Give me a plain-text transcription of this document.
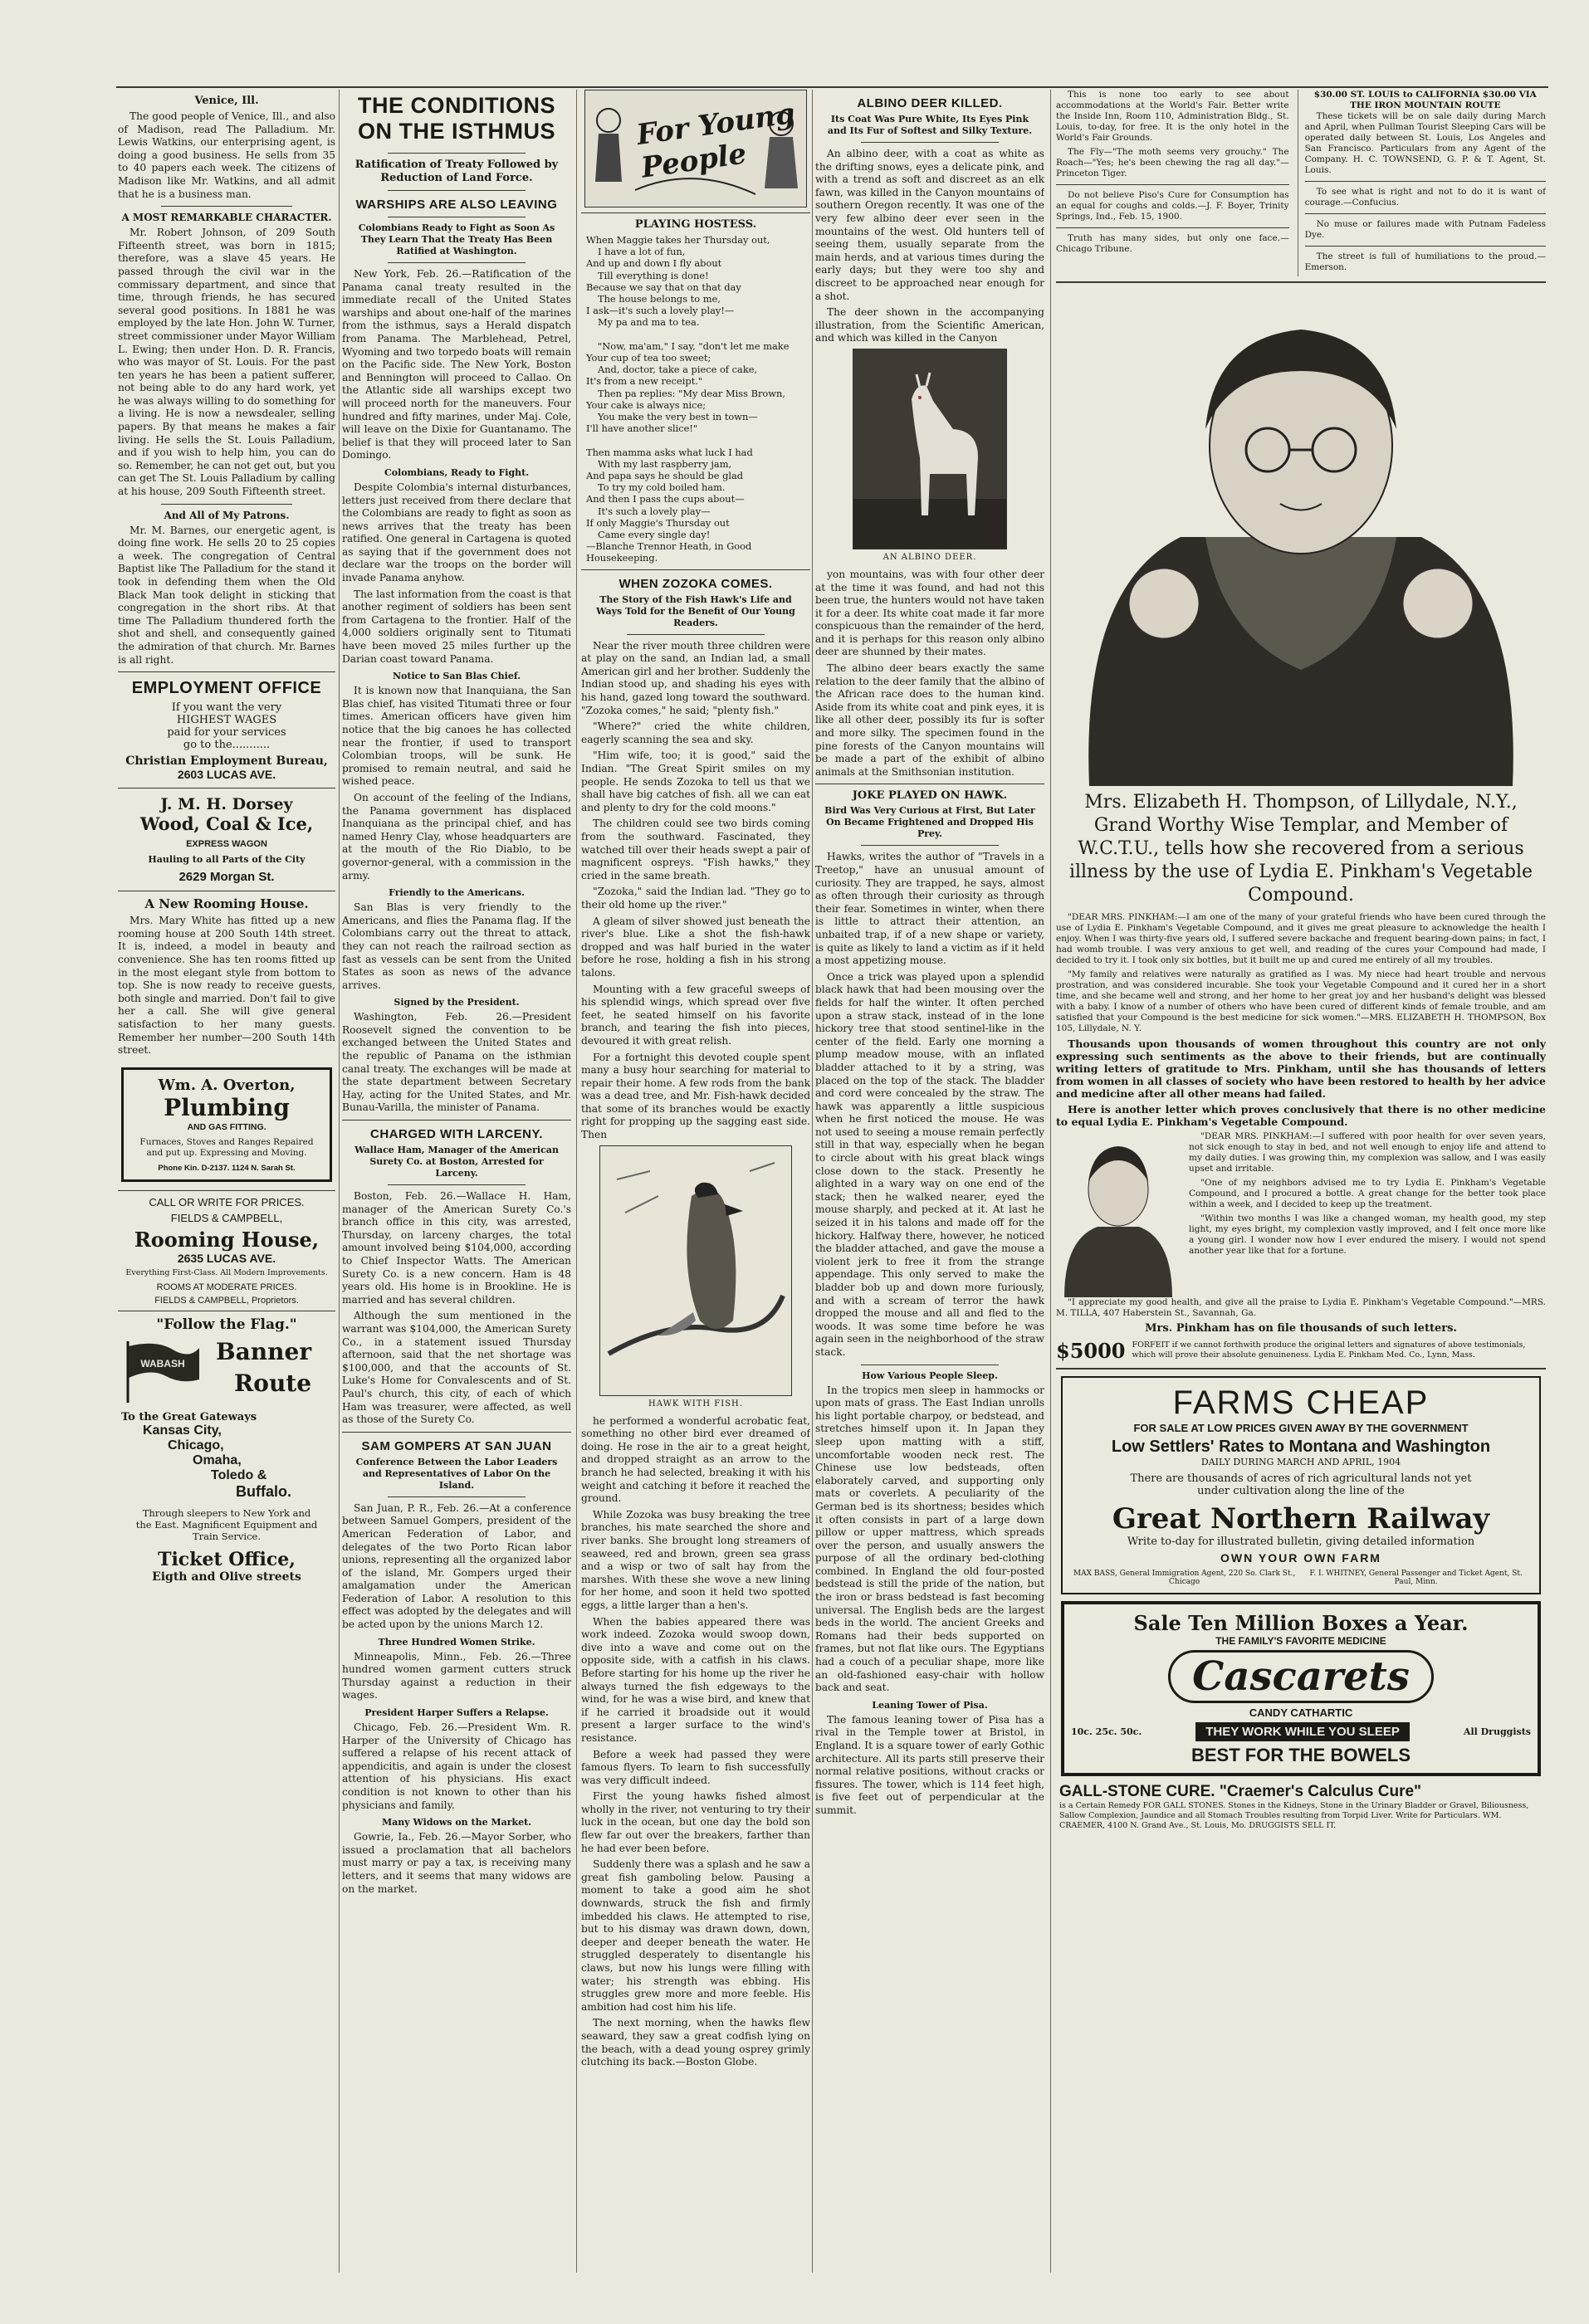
Venice, Ill.

The good people of Venice, Ill., and also of Madison, read The Palladium. Mr. Lewis Watkins, our enterprising agent, is doing a good business. He sells from 35 to 40 papers each week. The citizens of Madison like Mr. Watkins, and all admit that he is a business man.

A MOST REMARKABLE CHARACTER.

Mr. Robert Johnson, of 209 South Fifteenth street, was born in 1815; therefore, was a slave 45 years. He passed through the civil war in the commissary department, and since that time, through friends, he has secured several good positions. In 1881 he was employed by the late Hon. John W. Turner, street commissioner under Mayor William L. Ewing; then under Hon. D. R. Francis, who was mayor of St. Louis. For the past ten years he has been a patient sufferer, not being able to do any hard work, yet he was always willing to do something for a living. He is now a newsdealer, selling papers. By that means he makes a fair living. He sells the St. Louis Palladium, and if you wish to help him, you can do so. Remember, he can not get out, but you can get The St. Louis Palladium by calling at his house, 209 South Fifteenth street.

And All of My Patrons.

Mr. M. Barnes, our energetic agent, is doing fine work. He sells 20 to 25 copies a week. The congregation of Central Baptist like The Palladium for the stand it took in defending them when the Old Black Man took delight in sticking that congregation in the short ribs. At that time The Palladium thundered forth the shot and shell, and consequently gained the admiration of that church. Mr. Barnes is all right.

EMPLOYMENT OFFICE
If you want the very
HIGHEST WAGES
paid for your services
go to the...........
Christian Employment Bureau,
2603 LUCAS AVE.
J. M. H. Dorsey
Wood, Coal & Ice,
EXPRESS WAGON
Hauling to all Parts of the City
2629 Morgan St.
A New Rooming House.

Mrs. Mary White has fitted up a new rooming house at 200 South 14th street. It is, indeed, a model in beauty and convenience. She has ten rooms fitted up in the most elegant style from bottom to top. She is now ready to receive guests, both single and married. Don't fail to give her a call. She will give general satisfaction to her many guests. Remember her number—200 South 14th street.

Wm. A. Overton,
Plumbing
AND GAS FITTING.
Furnaces, Stoves and Ranges Repaired and put up. Expressing and Moving.
Phone Kin. D-2137. 1124 N. Sarah St.
CALL OR WRITE FOR PRICES.
FIELDS & CAMPBELL,
Rooming House,
2635 LUCAS AVE.
Everything First-Class. All Modern Improvements.
ROOMS AT MODERATE PRICES.
FIELDS & CAMPBELL, Proprietors.
"Follow the Flag."
WABASH Banner
Route
To the Great Gateways
Kansas City,
Chicago,
Omaha,
Toledo &
Buffalo.
Through sleepers to New York and the East. Magnificent Equipment and Train Service.
Ticket Office,
Eigth and Olive streets
THE CONDITIONS ON THE ISTHMUS
Ratification of Treaty Followed by Reduction of Land Force.
WARSHIPS ARE ALSO LEAVING
Colombians Ready to Fight as Soon As They Learn That the Treaty Has Been Ratified at Washington.

New York, Feb. 26.—Ratification of the Panama canal treaty resulted in the immediate recall of the United States warships and about one-half of the marines from the isthmus, says a Herald dispatch from Panama. The Marblehead, Petrel, Wyoming and two torpedo boats will remain on the Pacific side. The New York, Boston and Bennington will proceed to Callao. On the Atlantic side all warships except two will proceed north for the maneuvers. Four hundred and fifty marines, under Maj. Cole, will leave on the Dixie for Guantanamo. The belief is that they will proceed later to San Domingo.

Colombians, Ready to Fight.

Despite Colombia's internal disturbances, letters just received from there declare that the Colombians are ready to fight as soon as news arrives that the treaty has been ratified. One general in Cartagena is quoted as saying that if the government does not declare war the troops on the border will invade Panama anyhow.

The last information from the coast is that another regiment of soldiers has been sent from Cartagena to the frontier. Half of the 4,000 soldiers originally sent to Titumati have been moved 25 miles further up the Darian coast toward Panama.

Notice to San Blas Chief.

It is known now that Inanquiana, the San Blas chief, has visited Titumati three or four times. American officers have given him notice that the big canoes he has collected near the frontier, if used to transport Colombian troops, will be sunk. He promised to remain neutral, and said he wished peace.

On account of the feeling of the Indians, the Panama government has displaced Inanquiana as the principal chief, and has named Henry Clay, whose headquarters are at the mouth of the Rio Diablo, to be governor-general, with a commission in the army.

Friendly to the Americans.

San Blas is very friendly to the Americans, and flies the Panama flag. If the Colombians carry out the threat to attack, they can not reach the railroad section as fast as vessels can be sent from the United States as soon as news of the advance arrives.

Signed by the President.

Washington, Feb. 26.—President Roosevelt signed the convention to be exchanged between the United States and the republic of Panama on the isthmian canal treaty. The exchanges will be made at the state department between Secretary Hay, acting for the United States, and Mr. Bunau-Varilla, the minister of Panama.

CHARGED WITH LARCENY.
Wallace Ham, Manager of the American Surety Co. at Boston, Arrested for Larceny.

Boston, Feb. 26.—Wallace H. Ham, manager of the American Surety Co.'s branch office in this city, was arrested, Thursday, on larceny charges, the total amount involved being $104,000, according to Chief Inspector Watts. The American Surety Co. is a new concern. Ham is 48 years old. His home is in Brookline. He is married and has several children.

Although the sum mentioned in the warrant was $104,000, the American Surety Co., in a statement issued Thursday afternoon, said that the net shortage was $100,000, and that the accounts of St. Luke's Home for Convalescents and of St. Paul's church, this city, of each of which Ham was treasurer, were affected, as well as those of the Surety Co.

SAM GOMPERS AT SAN JUAN
Conference Between the Labor Leaders and Representatives of Labor On the Island.

San Juan, P. R., Feb. 26.—At a conference between Samuel Gompers, president of the American Federation of Labor, and delegates of the two Porto Rican labor unions, representing all the organized labor of the island, Mr. Gompers urged their amalgamation under the American Federation of Labor. A resolution to this effect was adopted by the delegates and will be acted upon by the unions March 12.

Three Hundred Women Strike.

Minneapolis, Minn., Feb. 26.—Three hundred women garment cutters struck Thursday against a reduction in their wages.

President Harper Suffers a Relapse.

Chicago, Feb. 26.—President Wm. R. Harper of the University of Chicago has suffered a relapse of his recent attack of appendicitis, and again is under the closest attention of his physicians. His exact condition is not known to other than his physicians and family.

Many Widows on the Market.

Gowrie, Ia., Feb. 26.—Mayor Sorber, who issued a proclamation that all bachelors must marry or pay a tax, is receiving many letters, and it seems that many widows are on the market.

For Young People
PLAYING HOSTESS.
When Maggie takes her Thursday out,
I have a lot of fun,
And up and down I fly about
Till everything is done!
Because we say that on that day
The house belongs to me,
I ask—it's such a lovely play!—
My pa and ma to tea.

"Now, ma'am," I say, "don't let me make
Your cup of tea too sweet;
And, doctor, take a piece of cake,
It's from a new receipt."
Then pa replies: "My dear Miss Brown,
Your cake is always nice;
You make the very best in town—
I'll have another slice!"

Then mamma asks what luck I had
With my last raspberry jam,
And papa says he should be glad
To try my cold boiled ham.
And then I pass the cups about—
It's such a lovely play—
If only Maggie's Thursday out
Came every single day!
—Blanche Trennor Heath, in Good Housekeeping.
WHEN ZOZOKA COMES.
The Story of the Fish Hawk's Life and Ways Told for the Benefit of Our Young Readers.

Near the river mouth three children were at play on the sand, an Indian lad, a small American girl and her brother. Suddenly the Indian stood up, and shading his eyes with his hand, gazed long toward the southward. "Zozoka comes," he said; "plenty fish."

"Where?" cried the white children, eagerly scanning the sea and sky.

"Him wife, too; it is good," said the Indian. "The Great Spirit smiles on my people. He sends Zozoka to tell us that we shall have big catches of fish. all we can eat and plenty to dry for the cold moons."

The children could see two birds coming from the southward. Fascinated, they watched till over their heads swept a pair of magnificent ospreys. "Fish hawks," they cried in the same breath.

"Zozoka," said the Indian lad. "They go to their old home up the river."

A gleam of silver showed just beneath the river's blue. Like a shot the fish-hawk dropped and was half buried in the water before he rose, holding a fish in his strong talons.

Mounting with a few graceful sweeps of his splendid wings, which spread over five feet, he seated himself on his favorite branch, and tearing the fish into pieces, devoured it with great relish.

For a fortnight this devoted couple spent many a busy hour searching for material to repair their home. A few rods from the bank was a dead tree, and Mr. Fish-hawk decided that some of its branches would be exactly right for propping up the sagging east side. Then

HAWK WITH FISH.

he performed a wonderful acrobatic feat, something no other bird ever dreamed of doing. He rose in the air to a great height, and dropped straight as an arrow to the branch he had selected, breaking it with his weight and catching it before it reached the ground.

While Zozoka was busy breaking the tree branches, his mate searched the shore and river banks. She brought long streamers of seaweed, red and brown, green sea grass and a wisp or two of salt hay from the marshes. With these she wove a new lining for her home, and soon it held two spotted eggs, a little larger than a hen's.

When the babies appeared there was work indeed. Zozoka would swoop down, dive into a wave and come out on the opposite side, with a catfish in his claws. Before starting for his home up the river he always turned the fish edgeways to the wind, for he was a wise bird, and knew that if he carried it broadside out it would present a larger surface to the wind's resistance.

Before a week had passed they were famous flyers. To learn to fish successfully was very difficult indeed.

First the young hawks fished almost wholly in the river, not venturing to try their luck in the ocean, but one day the bold son flew far out over the breakers, farther than he had ever been before.

Suddenly there was a splash and he saw a great fish gamboling below. Pausing a moment to take a good aim he shot downwards, struck the fish and firmly imbedded his claws. He attempted to rise, but to his dismay was drawn down, down, deeper and deeper beneath the water. He struggled desperately to disentangle his claws, but now his lungs were filling with water; his strength was ebbing. His struggles grew more and more feeble. His ambition had cost him his life.

The next morning, when the hawks flew seaward, they saw a great codfish lying on the beach, with a dead young osprey grimly clutching its back.—Boston Globe.

ALBINO DEER KILLED.
Its Coat Was Pure White, Its Eyes Pink and Its Fur of Softest and Silky Texture.

An albino deer, with a coat as white as the drifting snows, eyes a delicate pink, and with a trend as soft and discreet as an elk fawn, was killed in the Canyon mountains of southern Oregon recently. It was one of the very few albino deer ever seen in the mountains of the west. Old hunters tell of seeing them, usually separate from the main herds, and at various times during the early days; but they were too shy and discreet to be approached near enough for a shot.

The deer shown in the accompanying illustration, from the Scientific American, and which was killed in the Canyon

AN ALBINO DEER.

yon mountains, was with four other deer at the time it was found, and had not this been true, the hunters would not have taken it for a deer. Its white coat made it far more conspicuous than the remainder of the herd, and it is perhaps for this reason only albino deer are shunned by their mates.

The albino deer bears exactly the same relation to the deer family that the albino of the African race does to the human kind. Aside from its white coat and pink eyes, it is like all other deer, possibly its fur is softer and more silky. The specimen found in the pine forests of the Canyon mountains will be made a part of the exhibit of albino animals at the Smithsonian institution.

JOKE PLAYED ON HAWK.
Bird Was Very Curious at First, But Later On Became Frightened and Dropped His Prey.

Hawks, writes the author of "Travels in a Treetop," have an unusual amount of curiosity. They are trapped, he says, almost as often through their curiosity as through their fear. Sometimes in winter, when there is little to attract their attention, an unbaited trap, if of a new shape or variety, is quite as likely to land a victim as if it held a most appetizing mouse.

Once a trick was played upon a splendid black hawk that had been mousing over the fields for half the winter. It often perched upon a straw stack, instead of in the lone hickory tree that stood sentinel-like in the center of the field. Early one morning a plump meadow mouse, with an inflated bladder attached to it by a string, was placed on the top of the stack. The bladder and cord were concealed by the straw. The hawk was apparently a little suspicious when he first noticed the mouse. He was not used to seeing a mouse remain perfectly still in that way, especially when he began to circle about with his great black wings close down to the stack. Presently he alighted in a wary way on one end of the stack; then he walked nearer, eyed the mouse sharply, and pecked at it. At last he seized it in his talons and made off for the hickory. Halfway there, however, he noticed the bladder attached, and gave the mouse a violent jerk to free it from the strange appendage. This only served to make the bladder bob up and down more furiously, and with a scream of terror the hawk dropped the mouse and all and fled to the woods. It was some time before he was again seen in the neighborhood of the straw stack.

How Various People Sleep.

In the tropics men sleep in hammocks or upon mats of grass. The East Indian unrolls his light portable charpoy, or bedstead, and stretches himself upon it. In Japan they sleep upon matting with a stiff, uncomfortable wooden neck rest. The Chinese use low bedsteads, often elaborately carved, and supporting only mats or coverlets. A peculiarity of the German bed is its shortness; besides which it often consists in part of a large down pillow or upper mattress, which spreads over the person, and usually answers the purpose of all the ordinary bed-clothing combined. In England the old four-posted bedstead is still the pride of the nation, but the iron or brass bedstead is fast becoming universal. The English beds are the largest beds in the world. The ancient Greeks and Romans had their beds supported on frames, but not flat like ours. The Egyptians had a couch of a peculiar shape, more like an old-fashioned easy-chair with hollow back and seat.

Leaning Tower of Pisa.

The famous leaning tower of Pisa has a rival in the Temple tower at Bristol, in England. It is a square tower of early Gothic architecture. All its parts still preserve their normal relative positions, without cracks or fissures. The tower, which is 114 feet high, is five feet out of perpendicular at the summit.

This is none too early to see about accommodations at the World's Fair. Better write the Inside Inn, Room 110, Administration Bldg., St. Louis, to-day, for free. It is the only hotel in the World's Fair Grounds.

The Fly—"The moth seems very grouchy." The Roach—"Yes; he's been chewing the rag all day."—Princeton Tiger.

Do not believe Piso's Cure for Consumption has an equal for coughs and colds.—J. F. Boyer, Trinity Springs, Ind., Feb. 15, 1900.

Truth has many sides, but only one face.—Chicago Tribune.

$30.00 ST. LOUIS to CALIFORNIA $30.00 VIA THE IRON MOUNTAIN ROUTE

These tickets will be on sale daily during March and April, when Pullman Tourist Sleeping Cars will be operated daily between St. Louis, Los Angeles and San Francisco. Particulars from any Agent of the Company. H. C. TOWNSEND, G. P. & T. Agent, St. Louis.

To see what is right and not to do it is want of courage.—Confucius.

No muse or failures made with Putnam Fadeless Dye.

The street is full of humiliations to the proud.—Emerson.

Mrs. Elizabeth H. Thompson, of Lillydale, N.Y., Grand Worthy Wise Templar, and Member of W.C.T.U., tells how she recovered from a serious illness by the use of Lydia E. Pinkham's Vegetable Compound.

"DEAR MRS. PINKHAM:—I am one of the many of your grateful friends who have been cured through the use of Lydia E. Pinkham's Vegetable Compound, and it gives me great pleasure to acknowledge the health I enjoy. When I was thirty-five years old, I suffered severe backache and frequent bearing-down pains; in fact, I had womb trouble. I was very anxious to get well, and reading of the cures your Compound had made, I decided to try it. I took only six bottles, but it built me up and cured me entirely of all my troubles.

"My family and relatives were naturally as gratified as I was. My niece had heart trouble and nervous prostration, and was considered incurable. She took your Vegetable Compound and it cured her in a short time, and she became well and strong, and her home to her great joy and her husband's delight was blessed with a baby. I know of a number of others who have been cured of different kinds of female trouble, and am satisfied that your Compound is the best medicine for sick women."—MRS. ELIZABETH H. THOMPSON, Box 105, Lillydale, N. Y.

Thousands upon thousands of women throughout this country are not only expressing such sentiments as the above to their friends, but are continually writing letters of gratitude to Mrs. Pinkham, until she has thousands of letters from women in all classes of society who have been restored to health by her advice and medicine after all other means had failed.

Here is another letter which proves conclusively that there is no other medicine to equal Lydia E. Pinkham's Vegetable Compound.

"DEAR MRS. PINKHAM:—I suffered with poor health for over seven years, not sick enough to stay in bed, and not well enough to enjoy life and attend to my daily duties. I was growing thin, my complexion was sallow, and I was easily upset and irritable.

"One of my neighbors advised me to try Lydia E. Pinkham's Vegetable Compound, and I procured a bottle. A great change for the better took place within a week, and I decided to keep up the treatment.

"Within two months I was like a changed woman, my health good, my step light, my eyes bright, my complexion vastly improved, and I felt once more like a young girl. I wonder now how I ever endured the misery. I would not spend another year like that for a fortune.

"I appreciate my good health, and give all the praise to Lydia E. Pinkham's Vegetable Compound."—MRS. M. TILLA, 407 Haberstein St., Savannah, Ga.

Mrs. Pinkham has on file thousands of such letters.

$5000 FORFEIT if we cannot forthwith produce the original letters and signatures of above testimonials, which will prove their absolute genuineness. Lydia E. Pinkham Med. Co., Lynn, Mass.
FARMS CHEAP
FOR SALE AT LOW PRICES GIVEN AWAY BY THE GOVERNMENT
Low Settlers' Rates to Montana and Washington
DAILY DURING MARCH AND APRIL, 1904
There are thousands of acres of rich agricultural lands not yet under cultivation along the line of the
Great Northern Railway
Write to-day for illustrated bulletin, giving detailed information
OWN YOUR OWN FARM
MAX BASS, General Immigration Agent, 220 So. Clark St., Chicago
F. I. WHITNEY, General Passenger and Ticket Agent, St. Paul, Minn.
Sale Ten Million Boxes a Year.
THE FAMILY'S FAVORITE MEDICINE
Cascarets
CANDY CATHARTIC
10c. 25c. 50c.	THEY WORK WHILE YOU SLEEP	All Druggists
BEST FOR THE BOWELS
GALL-STONE CURE. "Craemer's Calculus Cure"
is a Certain Remedy FOR GALL STONES. Stones in the Kidneys, Stone in the Urinary Bladder or Gravel, Biliousness, Sallow Complexion, Jaundice and all Stomach Troubles resulting from Torpid Liver. Write for Particulars. WM. CRAEMER, 4100 N. Grand Ave., St. Louis, Mo. DRUGGISTS SELL IT.
